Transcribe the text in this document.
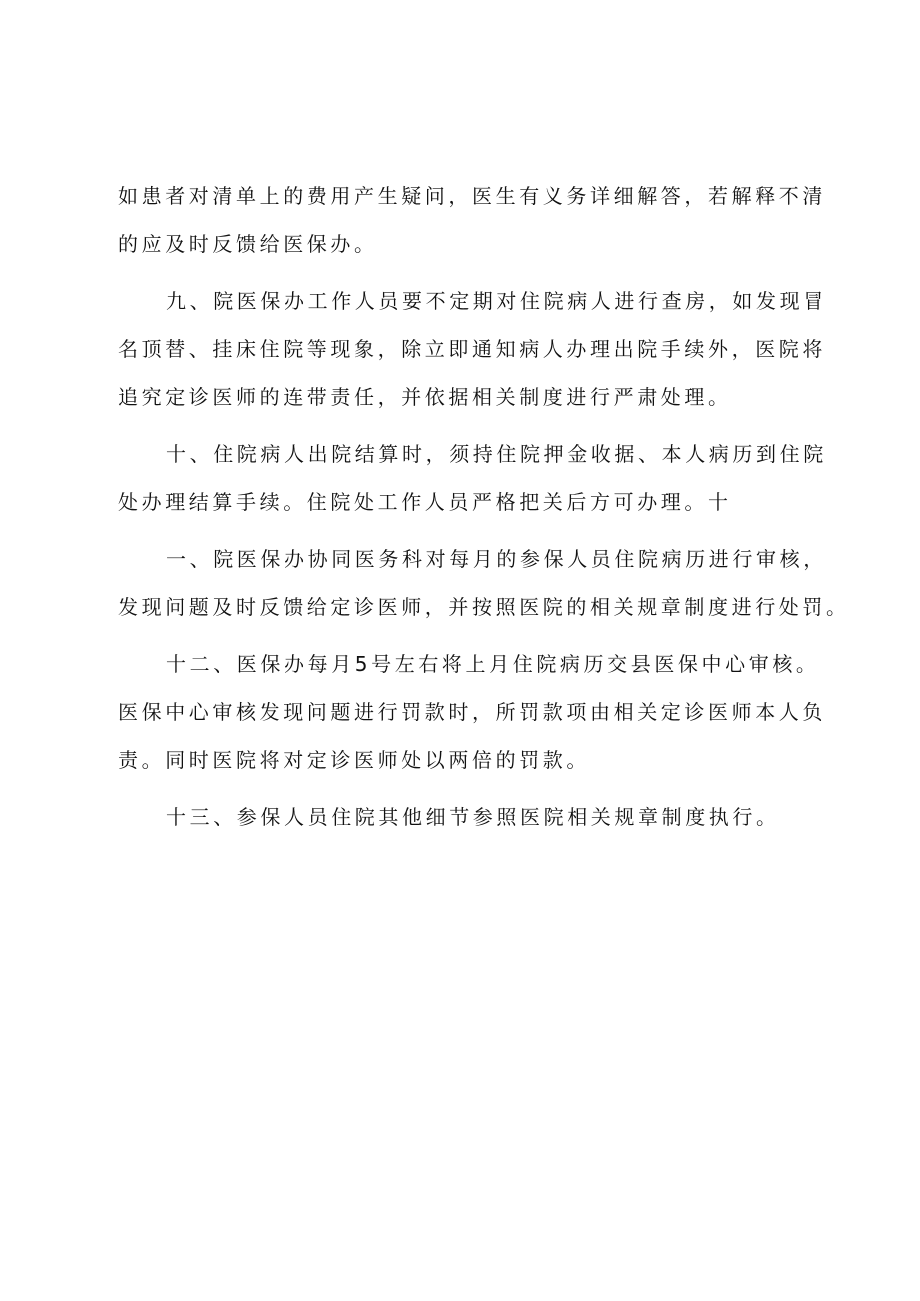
如患者对清单上的费用产生疑问，医生有义务详细解答，若解释不清
的应及时反馈给医保办。
九、院医保办工作人员要不定期对住院病人进行查房，如发现冒
名顶替、挂床住院等现象，除立即通知病人办理出院手续外，医院将
追究定诊医师的连带责任，并依据相关制度进行严肃处理。
十、住院病人出院结算时，须持住院押金收据、本人病历到住院
处办理结算手续。住院处工作人员严格把关后方可办理。十
一、院医保办协同医务科对每月的参保人员住院病历进行审核，
发现问题及时反馈给定诊医师，并按照医院的相关规章制度进行处罚。
十二、医保办每月5号左右将上月住院病历交县医保中心审核。
医保中心审核发现问题进行罚款时，所罚款项由相关定诊医师本人负
责。同时医院将对定诊医师处以两倍的罚款。
十三、参保人员住院其他细节参照医院相关规章制度执行。
